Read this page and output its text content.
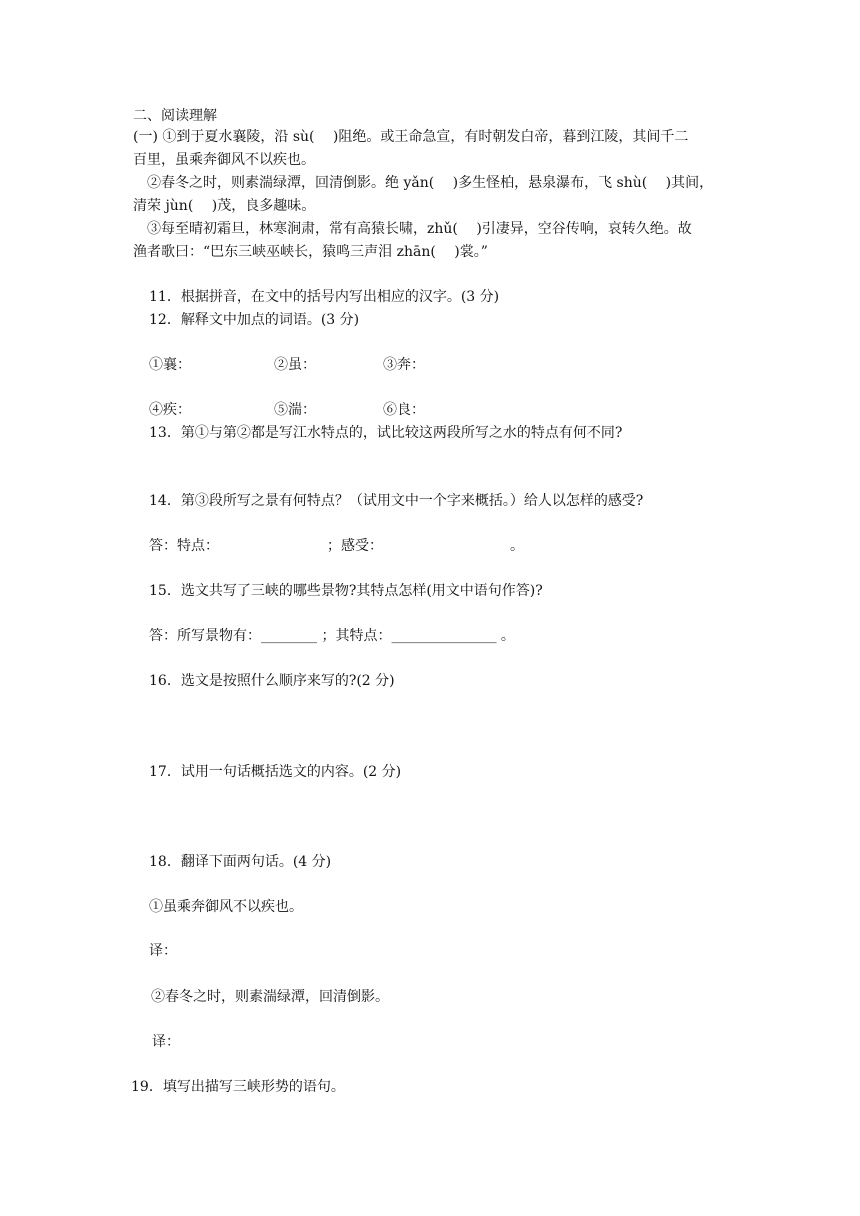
二、阅读理解
(一) ①到于夏水襄陵，沿 sù(　 )阻绝。或王命急宣，有时朝发白帝，暮到江陵，其间千二
百里，虽乘奔御风不以疾也。
②春冬之时，则素湍绿潭，回清倒影。绝 yǎn(　 )多生怪柏，悬泉瀑布，飞 shù(　 )其间，
清荣 jùn(　 )茂，良多趣味。
③每至晴初霜旦，林寒涧肃，常有高猿长啸，zhǔ(　 )引凄异，空谷传响，哀转久绝。故
渔者歌曰：“巴东三峡巫峡长，猿鸣三声泪 zhān(　 )裳。”
11．根据拼音，在文中的括号内写出相应的汉字。(3 分)
12．解释文中加点的词语。(3 分)
①襄：	②虽：	③奔：
④疾：	⑤湍：	⑥良：
13．第①与第②都是写江水特点的，试比较这两段所写之水的特点有何不同?
14．第③段所写之景有何特点？（试用文中一个字来概括。）给人以怎样的感受?
答：特点：	；感受：	。
15．选文共写了三峡的哪些景物?其特点怎样(用文中语句作答)?
答：所写景物有：________ ；其特点：_______________ 。
16．选文是按照什么顺序来写的?(2 分)
17．试用一句话概括选文的内容。(2 分)
18．翻译下面两句话。(4 分)
①虽乘奔御风不以疾也。
译：
②春冬之时，则素湍绿潭，回清倒影。
译：
19．填写出描写三峡形势的语句。
